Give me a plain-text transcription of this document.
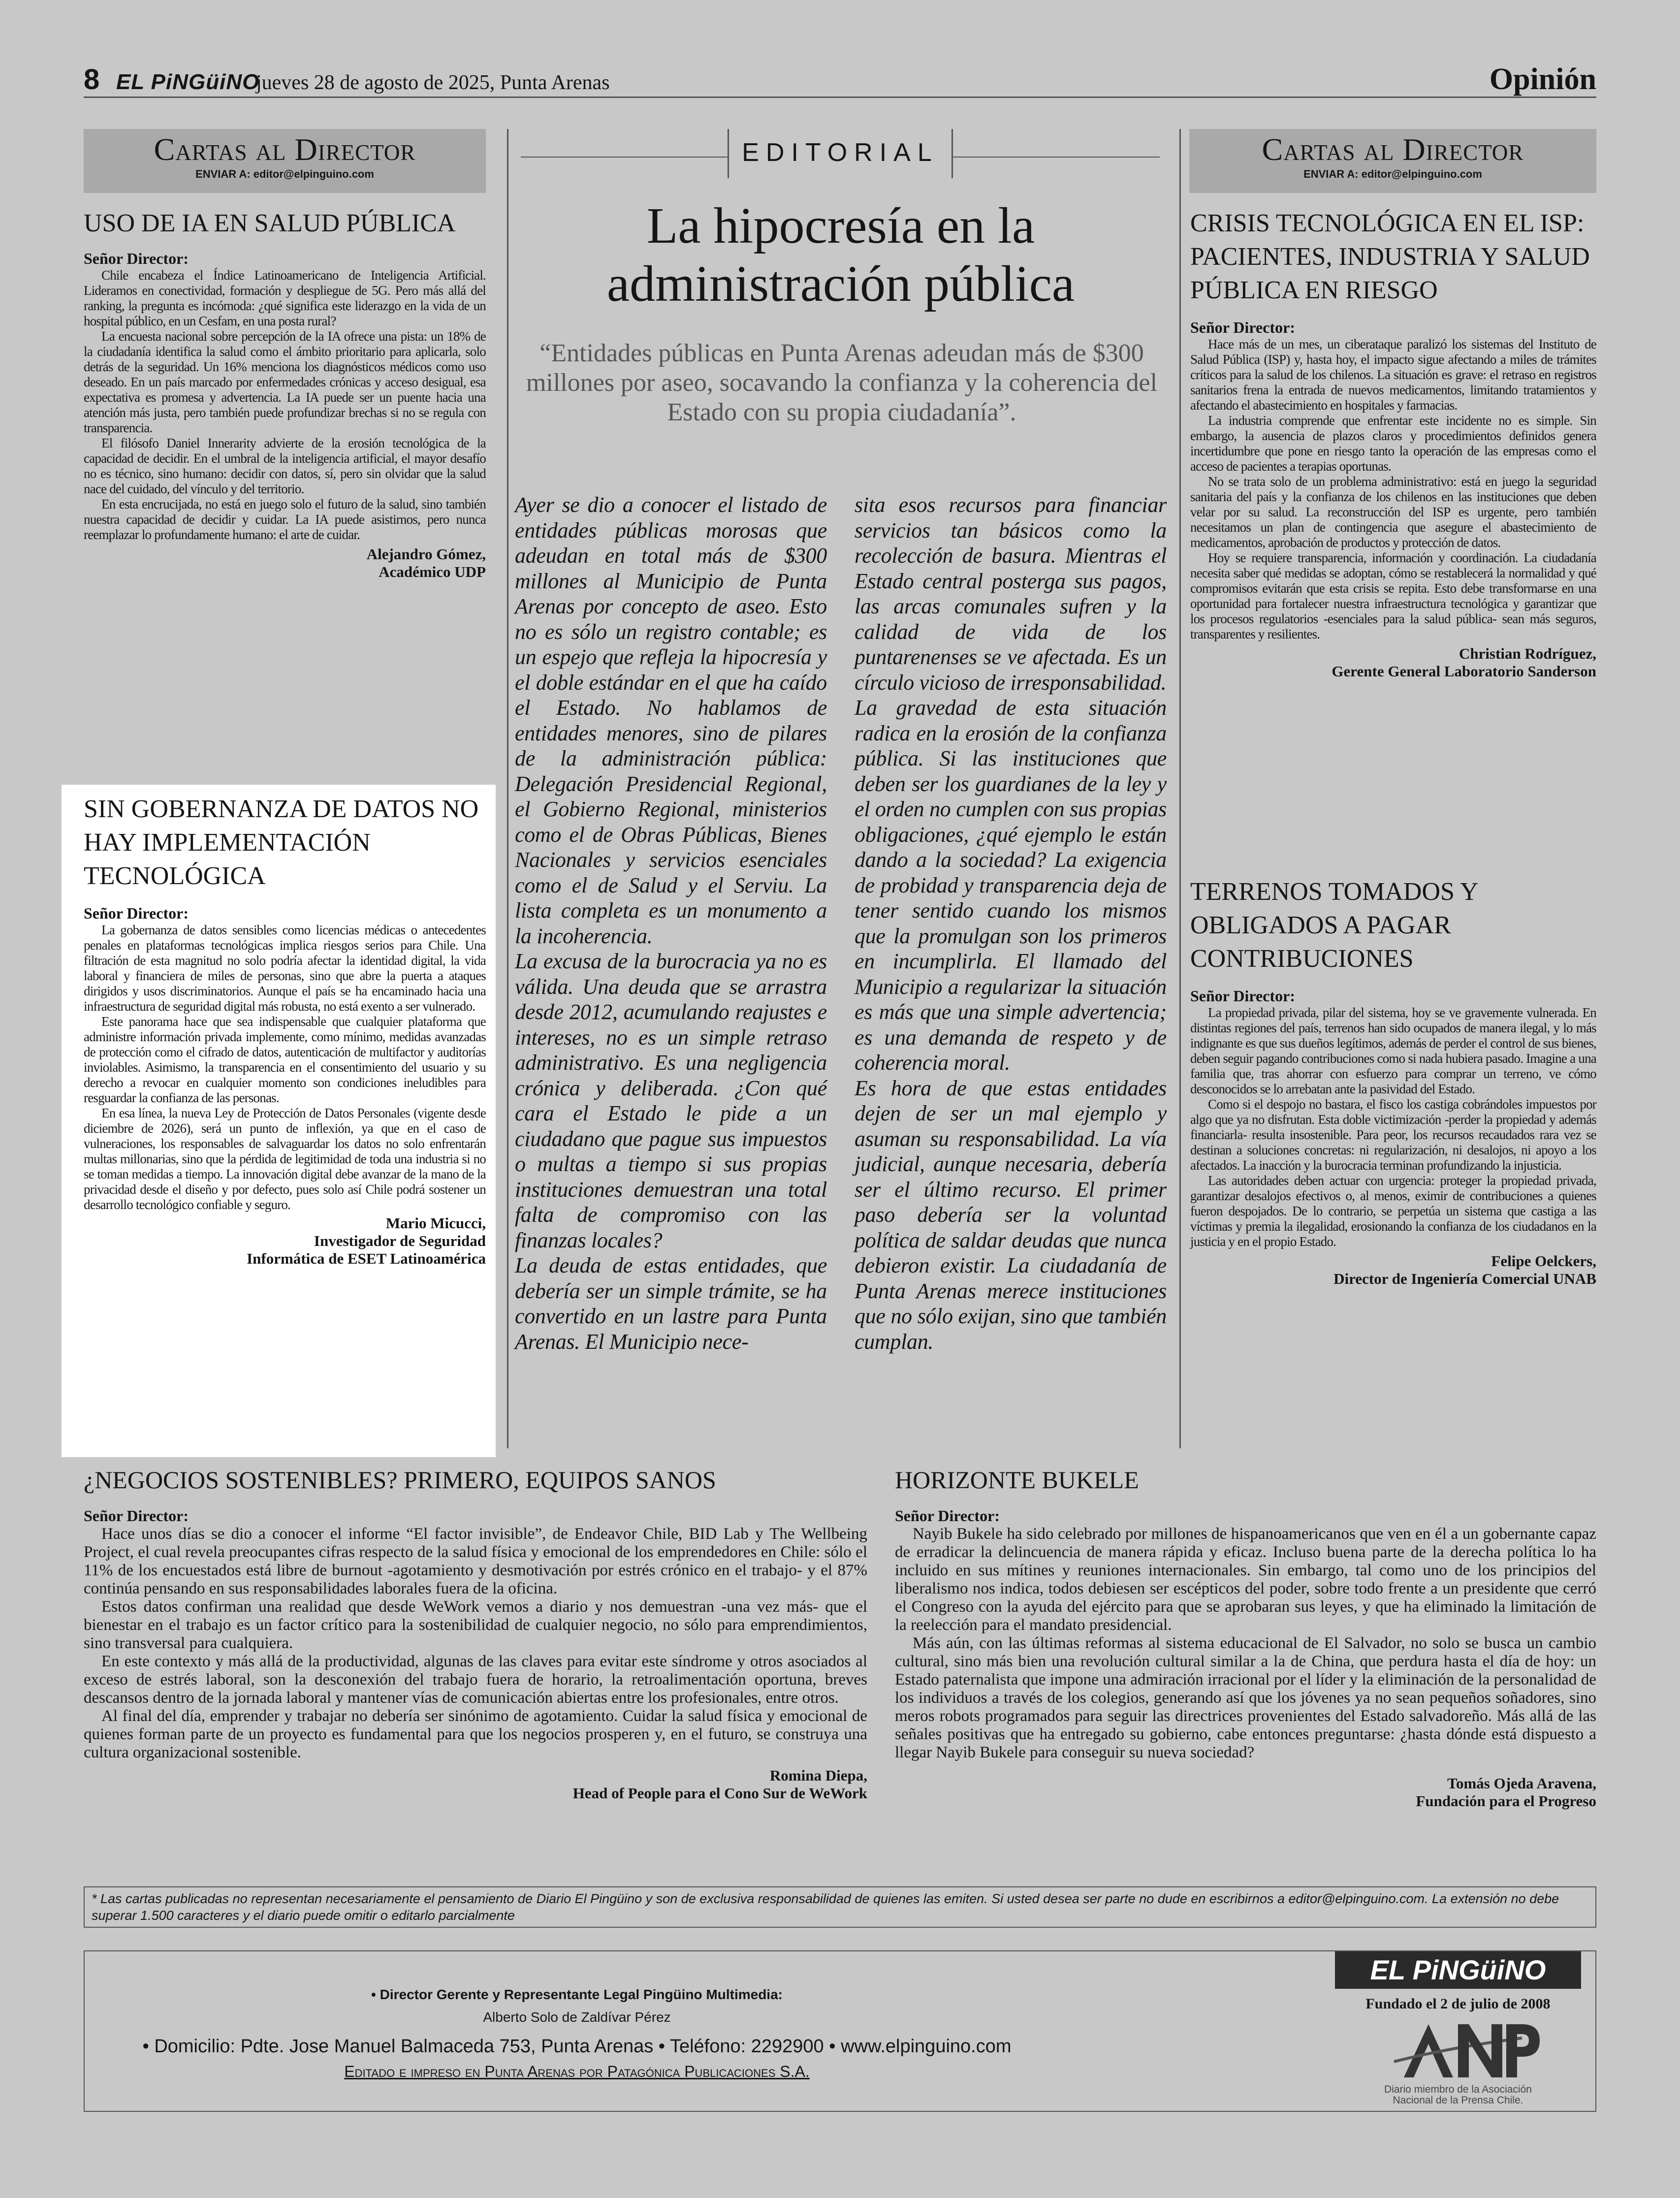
8 EL PiNGüiNO
jueves 28 de agosto de 2025, Punta Arenas	Opinión
Cartas al Director
ENVIAR A: editor@elpinguino.com
USO DE IA EN SALUD PÚBLICA
Señor Director:

Chile encabeza el Índice Latinoamericano de Inteligencia Artificial. Lideramos en conectividad, formación y despliegue de 5G. Pero más allá del ranking, la pregunta es incómoda: ¿qué significa este liderazgo en la vida de un hospital público, en un Cesfam, en una posta rural?

La encuesta nacional sobre percepción de la IA ofrece una pista: un 18% de la ciudadanía identifica la salud como el ámbito prioritario para aplicarla, solo detrás de la seguridad. Un 16% menciona los diagnósticos médicos como uso deseado. En un país marcado por enfermedades crónicas y acceso desigual, esa expectativa es promesa y advertencia. La IA puede ser un puente hacia una atención más justa, pero también puede profundizar brechas si no se regula con transparencia.

El filósofo Daniel Innerarity advierte de la erosión tecnológica de la capacidad de decidir. En el umbral de la inteligencia artificial, el mayor desafío no es técnico, sino humano: decidir con datos, sí, pero sin olvidar que la salud nace del cuidado, del vínculo y del territorio.

En esta encrucijada, no está en juego solo el futuro de la salud, sino también nuestra capacidad de decidir y cuidar. La IA puede asistirnos, pero nunca reemplazar lo profundamente humano: el arte de cuidar.

Alejandro Gómez,
Académico UDP
SIN GOBERNANZA DE DATOS NO HAY IMPLEMENTACIÓN TECNOLÓGICA
Señor Director:

La gobernanza de datos sensibles como licencias médicas o antecedentes penales en plataformas tecnológicas implica riesgos serios para Chile. Una filtración de esta magnitud no solo podría afectar la identidad digital, la vida laboral y financiera de miles de personas, sino que abre la puerta a ataques dirigidos y usos discriminatorios. Aunque el país se ha encaminado hacia una infraestructura de seguridad digital más robusta, no está exento a ser vulnerado.

Este panorama hace que sea indispensable que cualquier plataforma que administre información privada implemente, como mínimo, medidas avanzadas de protección como el cifrado de datos, autenticación de multifactor y auditorías inviolables. Asimismo, la transparencia en el consentimiento del usuario y su derecho a revocar en cualquier momento son condiciones ineludibles para resguardar la confianza de las personas.

En esa línea, la nueva Ley de Protección de Datos Personales (vigente desde diciembre de 2026), será un punto de inflexión, ya que en el caso de vulneraciones, los responsables de salvaguardar los datos no solo enfrentarán multas millonarias, sino que la pérdida de legitimidad de toda una industria si no se toman medidas a tiempo. La innovación digital debe avanzar de la mano de la privacidad desde el diseño y por defecto, pues solo así Chile podrá sostener un desarrollo tecnológico confiable y seguro.

Mario Micucci,
Investigador de Seguridad
Informática de ESET Latinoamérica
EDITORIAL
La hipocresía en la administración pública
“Entidades públicas en Punta Arenas adeudan más de $300 millones por aseo, socavando la confianza y la coherencia del Estado con su propia ciudadanía”.

Ayer se dio a conocer el listado de entidades públicas morosas que adeudan en total más de $300 millones al Municipio de Punta Arenas por concepto de aseo. Esto no es sólo un registro contable; es un espejo que refleja la hipocresía y el doble estándar en el que ha caído el Estado. No hablamos de entidades menores, sino de pilares de la administración pública: Delegación Presidencial Regional, el Gobierno Regional, ministerios como el de Obras Públicas, Bienes Nacionales y servicios esenciales como el de Salud y el Serviu. La lista completa es un monumento a la incoherencia.

La excusa de la burocracia ya no es válida. Una deuda que se arrastra desde 2012, acumulando reajustes e intereses, no es un simple retraso administrativo. Es una negligencia crónica y deliberada. ¿Con qué cara el Estado le pide a un ciudadano que pague sus impuestos o multas a tiempo si sus propias instituciones demuestran una total falta de compromiso con las finanzas locales?

La deuda de estas entidades, que debería ser un simple trámite, se ha convertido en un lastre para Punta Arenas. El Municipio nece-

sita esos recursos para financiar servicios tan básicos como la recolección de basura. Mientras el Estado central posterga sus pagos, las arcas comunales sufren y la calidad de vida de los puntarenenses se ve afectada. Es un círculo vicioso de irresponsabilidad.

La gravedad de esta situación radica en la erosión de la confianza pública. Si las instituciones que deben ser los guardianes de la ley y el orden no cumplen con sus propias obligaciones, ¿qué ejemplo le están dando a la sociedad? La exigencia de probidad y transparencia deja de tener sentido cuando los mismos que la promulgan son los primeros en incumplirla. El llamado del Municipio a regularizar la situación es más que una simple advertencia; es una demanda de respeto y de coherencia moral.

Es hora de que estas entidades dejen de ser un mal ejemplo y asuman su responsabilidad. La vía judicial, aunque necesaria, debería ser el último recurso. El primer paso debería ser la voluntad política de saldar deudas que nunca debieron existir. La ciudadanía de Punta Arenas merece instituciones que no sólo exijan, sino que también cumplan.

Cartas al Director
ENVIAR A: editor@elpinguino.com
CRISIS TECNOLÓGICA EN EL ISP: PACIENTES, INDUSTRIA Y SALUD PÚBLICA EN RIESGO
Señor Director:

Hace más de un mes, un ciberataque paralizó los sistemas del Instituto de Salud Pública (ISP) y, hasta hoy, el impacto sigue afectando a miles de trámites críticos para la salud de los chilenos. La situación es grave: el retraso en registros sanitarios frena la entrada de nuevos medicamentos, limitando tratamientos y afectando el abastecimiento en hospitales y farmacias.

La industria comprende que enfrentar este incidente no es simple. Sin embargo, la ausencia de plazos claros y procedimientos definidos genera incertidumbre que pone en riesgo tanto la operación de las empresas como el acceso de pacientes a terapias oportunas.

No se trata solo de un problema administrativo: está en juego la seguridad sanitaria del país y la confianza de los chilenos en las instituciones que deben velar por su salud. La reconstrucción del ISP es urgente, pero también necesitamos un plan de contingencia que asegure el abastecimiento de medicamentos, aprobación de productos y protección de datos.

Hoy se requiere transparencia, información y coordinación. La ciudadanía necesita saber qué medidas se adoptan, cómo se restablecerá la normalidad y qué compromisos evitarán que esta crisis se repita. Esto debe transformarse en una oportunidad para fortalecer nuestra infraestructura tecnológica y garantizar que los procesos regulatorios -esenciales para la salud pública- sean más seguros, transparentes y resilientes.

Christian Rodríguez,
Gerente General Laboratorio Sanderson
TERRENOS TOMADOS Y OBLIGADOS A PAGAR CONTRIBUCIONES
Señor Director:

La propiedad privada, pilar del sistema, hoy se ve gravemente vulnerada. En distintas regiones del país, terrenos han sido ocupados de manera ilegal, y lo más indignante es que sus dueños legítimos, además de perder el control de sus bienes, deben seguir pagando contribuciones como si nada hubiera pasado. Imagine a una familia que, tras ahorrar con esfuerzo para comprar un terreno, ve cómo desconocidos se lo arrebatan ante la pasividad del Estado.

Como si el despojo no bastara, el fisco los castiga cobrándoles impuestos por algo que ya no disfrutan. Esta doble victimización -perder la propiedad y además financiarla- resulta insostenible. Para peor, los recursos recaudados rara vez se destinan a soluciones concretas: ni regularización, ni desalojos, ni apoyo a los afectados. La inacción y la burocracia terminan profundizando la injusticia.

Las autoridades deben actuar con urgencia: proteger la propiedad privada, garantizar desalojos efectivos o, al menos, eximir de contribuciones a quienes fueron despojados. De lo contrario, se perpetúa un sistema que castiga a las víctimas y premia la ilegalidad, erosionando la confianza de los ciudadanos en la justicia y en el propio Estado.

Felipe Oelckers,
Director de Ingeniería Comercial UNAB
¿NEGOCIOS SOSTENIBLES? PRIMERO, EQUIPOS SANOS
Señor Director:

Hace unos días se dio a conocer el informe “El factor invisible”, de Endeavor Chile, BID Lab y The Wellbeing Project, el cual revela preocupantes cifras respecto de la salud física y emocional de los emprendedores en Chile: sólo el 11% de los encuestados está libre de burnout -agotamiento y desmotivación por estrés crónico en el trabajo- y el 87% continúa pensando en sus responsabilidades laborales fuera de la oficina.

Estos datos confirman una realidad que desde WeWork vemos a diario y nos demuestran -una vez más- que el bienestar en el trabajo es un factor crítico para la sostenibilidad de cualquier negocio, no sólo para emprendimientos, sino transversal para cualquiera.

En este contexto y más allá de la productividad, algunas de las claves para evitar este síndrome y otros asociados al exceso de estrés laboral, son la desconexión del trabajo fuera de horario, la retroalimentación oportuna, breves descansos dentro de la jornada laboral y mantener vías de comunicación abiertas entre los profesionales, entre otros.

Al final del día, emprender y trabajar no debería ser sinónimo de agotamiento. Cuidar la salud física y emocional de quienes forman parte de un proyecto es fundamental para que los negocios prosperen y, en el futuro, se construya una cultura organizacional sostenible.

Romina Diepa,
Head of People para el Cono Sur de WeWork
HORIZONTE BUKELE
Señor Director:

Nayib Bukele ha sido celebrado por millones de hispanoamericanos que ven en él a un gobernante capaz de erradicar la delincuencia de manera rápida y eficaz. Incluso buena parte de la derecha política lo ha incluido en sus mítines y reuniones internacionales. Sin embargo, tal como uno de los principios del liberalismo nos indica, todos debiesen ser escépticos del poder, sobre todo frente a un presidente que cerró el Congreso con la ayuda del ejército para que se aprobaran sus leyes, y que ha eliminado la limitación de la reelección para el mandato presidencial.

Más aún, con las últimas reformas al sistema educacional de El Salvador, no solo se busca un cambio cultural, sino más bien una revolución cultural similar a la de China, que perdura hasta el día de hoy: un Estado paternalista que impone una admiración irracional por el líder y la eliminación de la personalidad de los individuos a través de los colegios, generando así que los jóvenes ya no sean pequeños soñadores, sino meros robots programados para seguir las directrices provenientes del Estado salvadoreño. Más allá de las señales positivas que ha entregado su gobierno, cabe entonces preguntarse: ¿hasta dónde está dispuesto a llegar Nayib Bukele para conseguir su nueva sociedad?

Tomás Ojeda Aravena,
Fundación para el Progreso
* Las cartas publicadas no representan necesariamente el pensamiento de Diario El Pingüino y son de exclusiva responsabilidad de quienes las emiten. Si usted desea ser parte no dude en escribirnos a editor@elpinguino.com. La extensión no debe superar 1.500 caracteres y el diario puede omitir o editarlo parcialmente
• Director Gerente y Representante Legal Pingüino Multimedia:
Alberto Solo de Zaldívar Pérez
• Domicilio: Pdte. Jose Manuel Balmaceda 753, Punta Arenas • Teléfono: 2292900 • www.elpinguino.com
Editado e impreso en Punta Arenas por Patagónica Publicaciones S.A.
EL PiNGüiNO
Fundado el 2 de julio de 2008
Diario miembro de la Asociación
Nacional de la Prensa Chile.
